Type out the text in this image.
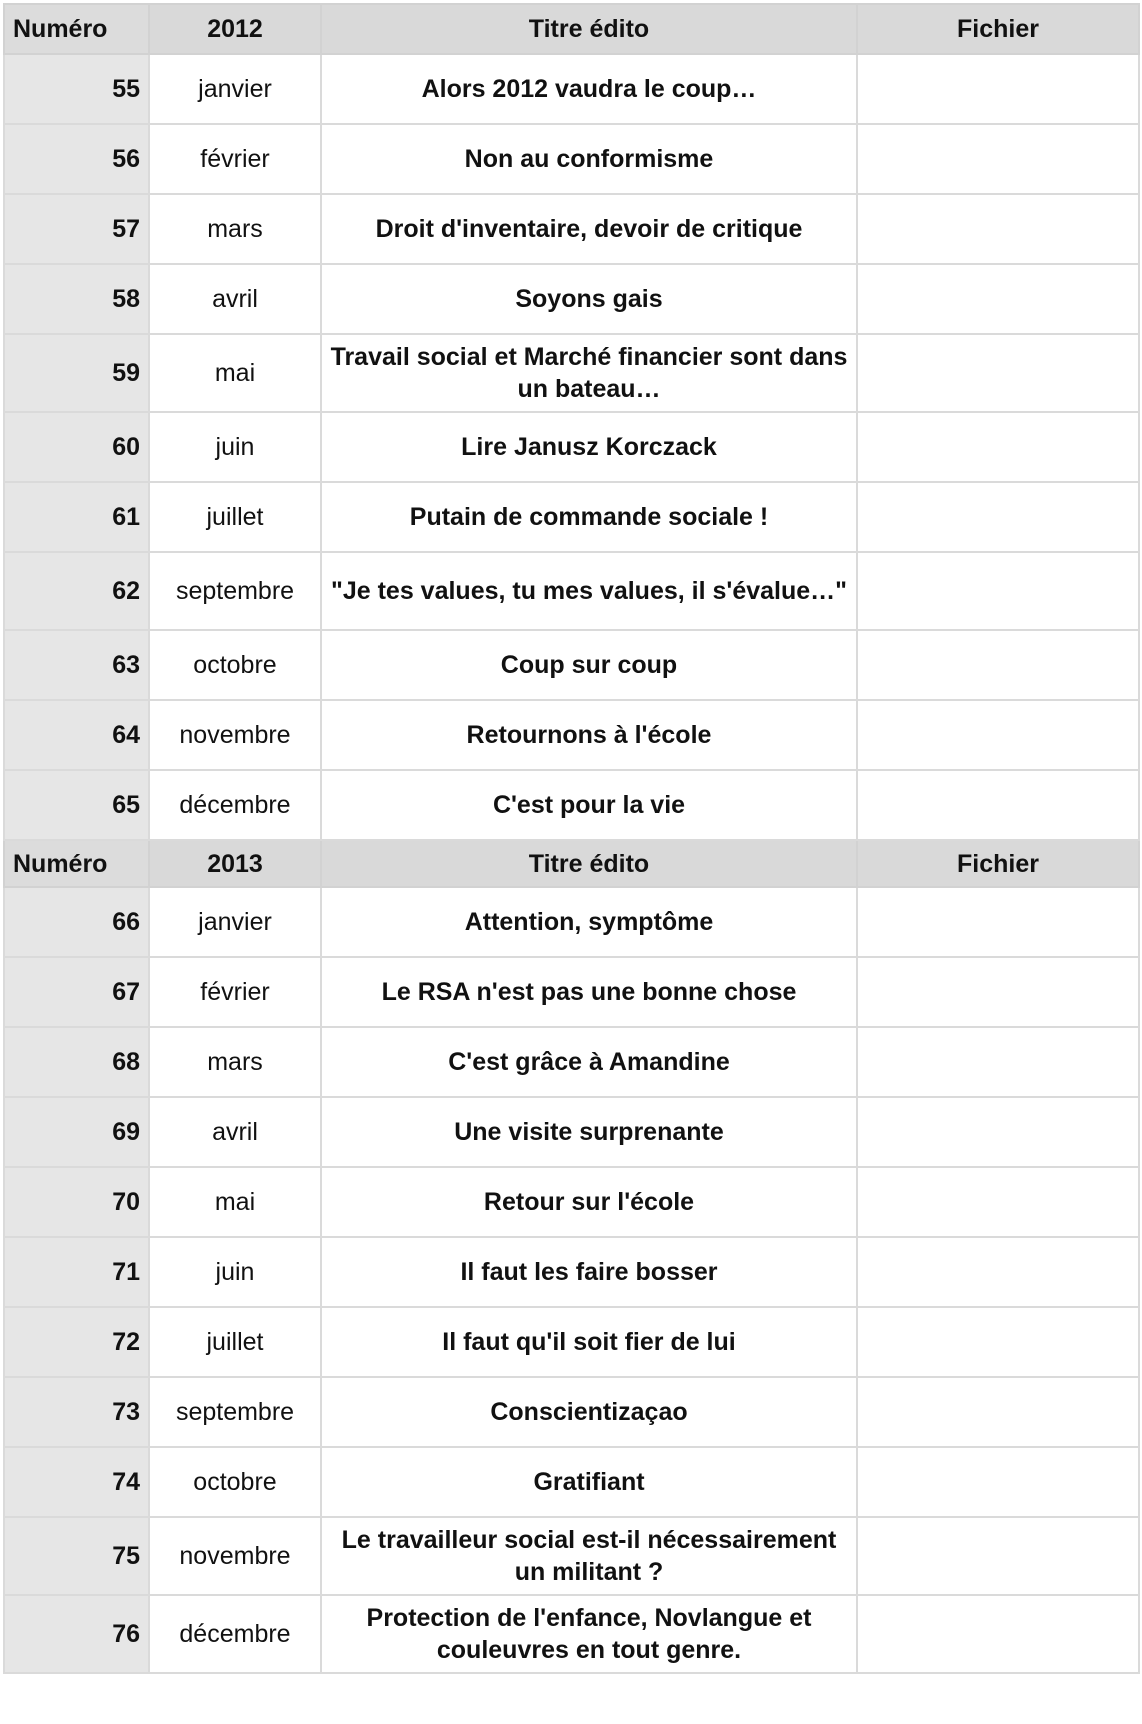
Numéro	2012	Titre édito	Fichier
55	janvier	Alors 2012 vaudra le coup…	
56	février	Non au conformisme	
57	mars	Droit d'inventaire, devoir de critique	
58	avril	Soyons gais	
59	mai	Travail social et Marché financier sont dans un bateau…	
60	juin	Lire Janusz Korczack	
61	juillet	Putain de commande sociale !	
62	septembre	"Je tes values, tu mes values, il s'évalue…"	
63	octobre	Coup sur coup	
64	novembre	Retournons à l'école	
65	décembre	C'est pour la vie	
Numéro	2013	Titre édito	Fichier
66	janvier	Attention, symptôme	
67	février	Le RSA n'est pas une bonne chose	
68	mars	C'est grâce à Amandine	
69	avril	Une visite surprenante	
70	mai	Retour sur l'école	
71	juin	Il faut les faire bosser	
72	juillet	Il faut qu'il soit fier de lui	
73	septembre	Conscientizaçao	
74	octobre	Gratifiant	
75	novembre	Le travailleur social est-il nécessairement un militant ?	
76	décembre	Protection de l'enfance, Novlangue et couleuvres en tout genre.	
